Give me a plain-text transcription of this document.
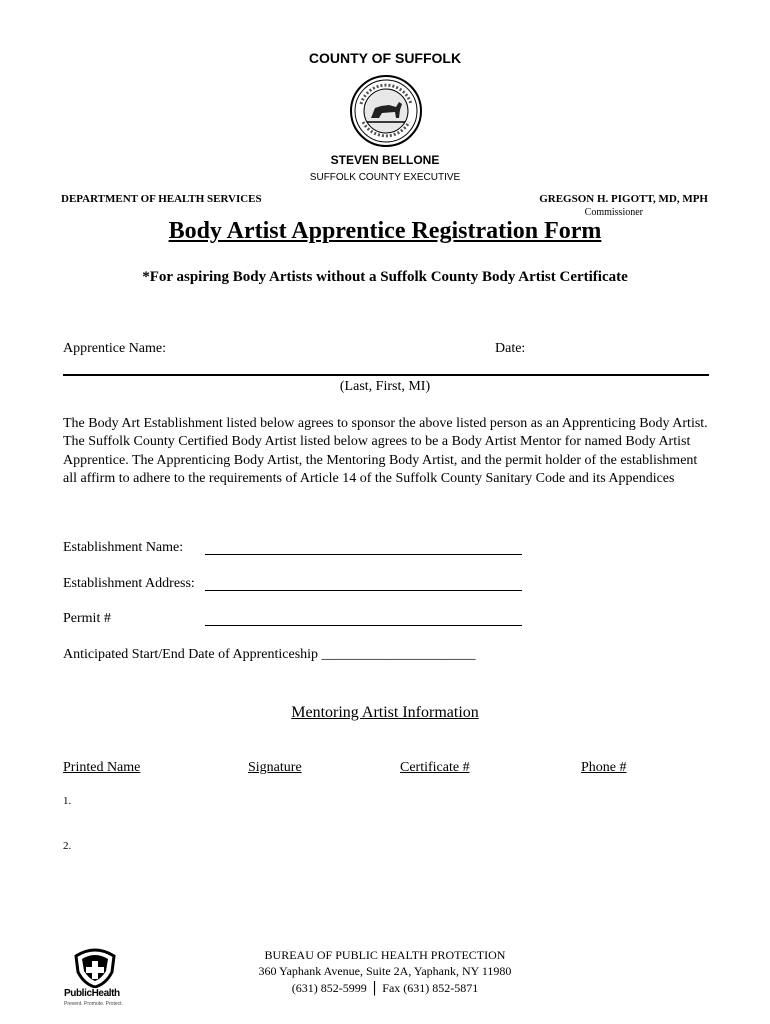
COUNTY OF SUFFOLK
STEVEN BELLONE
SUFFOLK COUNTY EXECUTIVE
DEPARTMENT OF HEALTH SERVICES	GREGSON H. PIGOTT, MD, MPH
Commissioner
Body Artist Apprentice Registration Form
*For aspiring Body Artists without a Suffolk County Body Artist Certificate
Apprentice Name:	Date:
(Last, First, MI)
The Body Art Establishment listed below agrees to sponsor the above listed person as an Apprenticing Body Artist. The Suffolk County Certified Body Artist listed below agrees to be a Body Artist Mentor for named Body Artist Apprentice. The Apprenticing Body Artist, the Mentoring Body Artist, and the permit holder of the establishment all affirm to adhere to the requirements of Article 14 of the Suffolk County Sanitary Code and its Appendices
Establishment Name:
Establishment Address:
Permit #
Anticipated Start/End Date of Apprenticeship ______________________
Mentoring Artist Information
Printed Name	Signature	Certificate #	Phone #
1.
2.
PublicHealth
Prevent. Promote. Protect.
BUREAU OF PUBLIC HEALTH PROTECTION
360 Yaphank Avenue, Suite 2A, Yaphank, NY 11980
(631) 852-5999 | Fax (631) 852-5871
